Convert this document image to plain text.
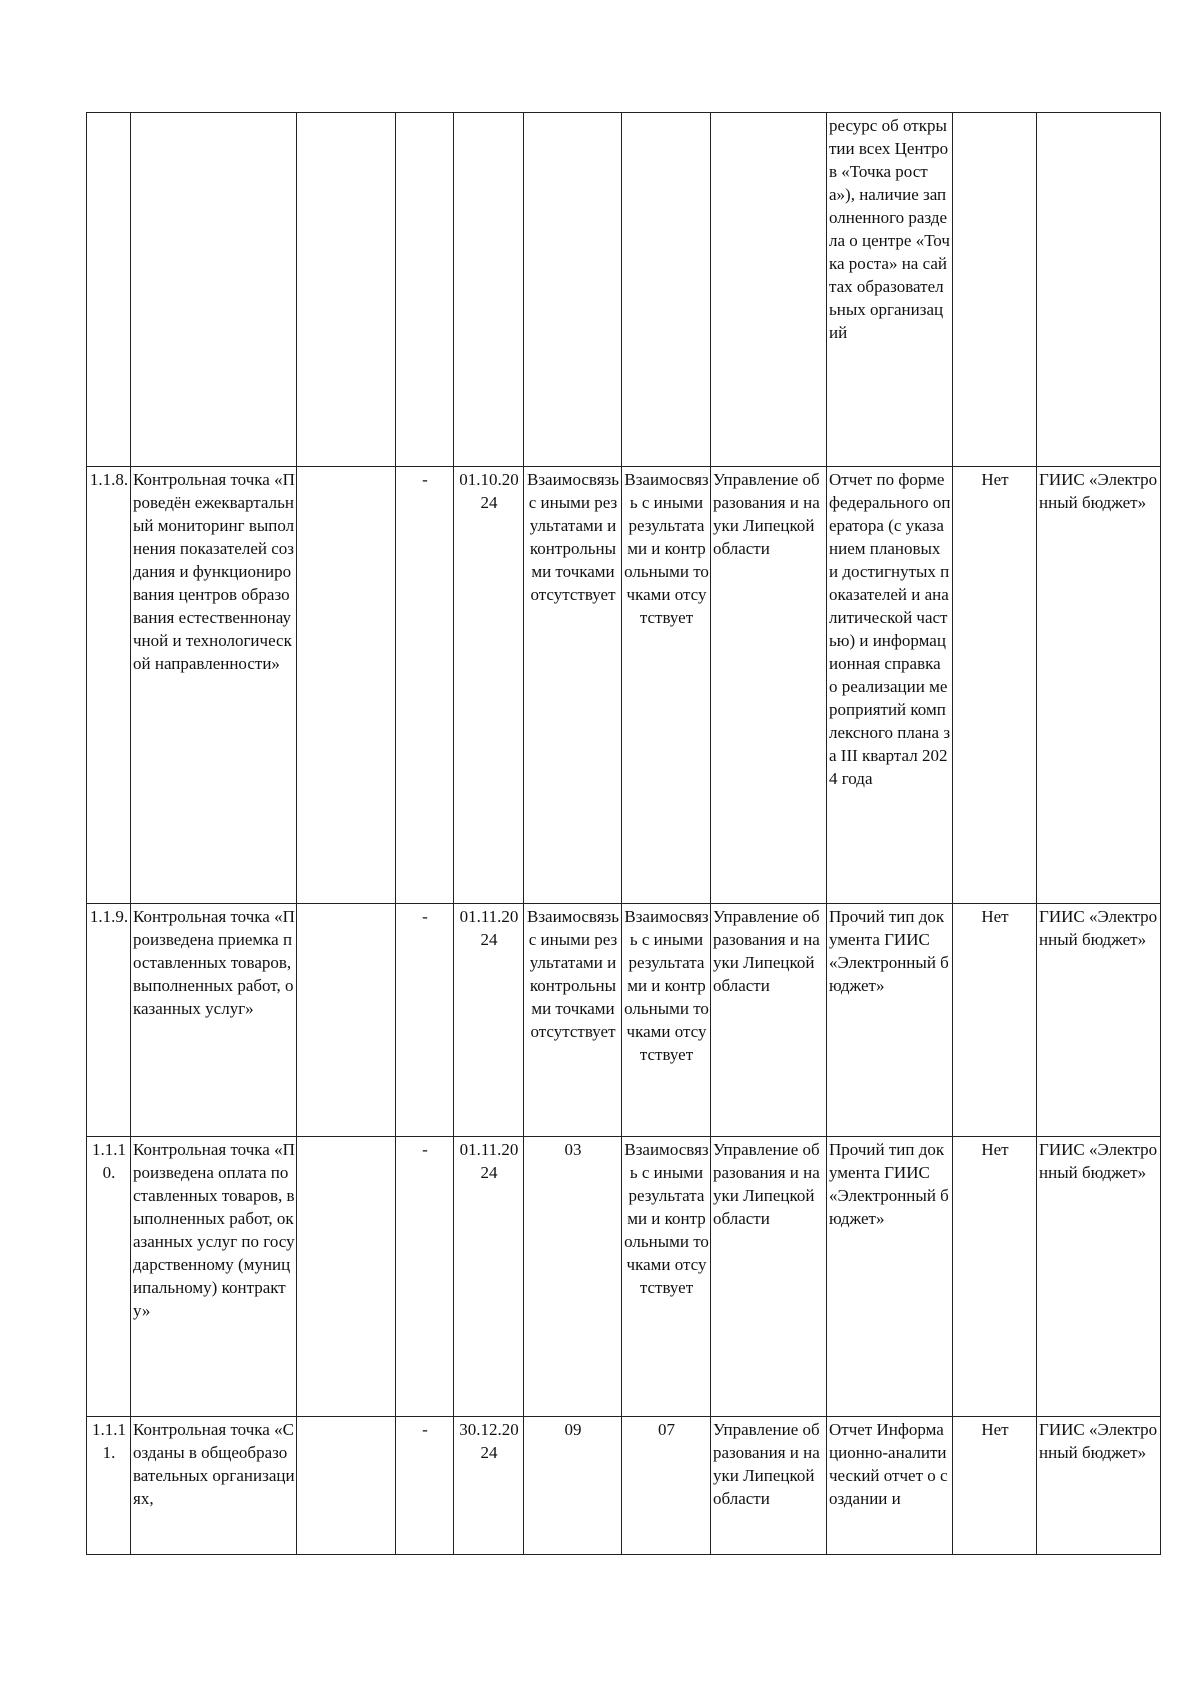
								ресурс об открытии всех Центров «Точка роста»), наличие заполненного раздела о центре «Точка роста» на сайтах образовательных организаций		

1.1.8.	Контрольная точка «Проведён ежеквартальный мониторинг выполнения показателей создания и функционирования центров образования естественнонаучной и технологической направленности»		-	01.10.2024	Взаимосвязь с иными результатами и контрольными точками отсутствует	Взаимосвязь с иными результатами и контрольными точками отсутствует	Управление образования и науки Липецкой области	Отчет по форме федерального оператора (с указанием плановых и достигнутых показателей и аналитической частью) и информационная справка о реализации мероприятий комплексного плана за III квартал 2024 года	Нет	ГИИС «Электронный бюджет»

1.1.9.	Контрольная точка «Произведена приемка поставленных товаров, выполненных работ, оказанных услуг»		-	01.11.2024	Взаимосвязь с иными результатами и контрольными точками отсутствует	Взаимосвязь с иными результатами и контрольными точками отсутствует	Управление образования и науки Липецкой области	Прочий тип документа ГИИС «Электронный бюджет»	Нет	ГИИС «Электронный бюджет»

1.1.10.	Контрольная точка «Произведена оплата поставленных товаров, выполненных работ, оказанных услуг по государственному (муниципальному) контракту»		-	01.11.2024	03	Взаимосвязь с иными результатами и контрольными точками отсутствует	Управление образования и науки Липецкой области	Прочий тип документа ГИИС «Электронный бюджет»	Нет	ГИИС «Электронный бюджет»

1.1.11.	Контрольная точка «Созданы в общеобразовательных организациях,		-	30.12.2024	09	07	Управление образования и науки Липецкой области	Отчет Информационно-аналитический отчет о создании и	Нет	ГИИС «Электронный бюджет»
